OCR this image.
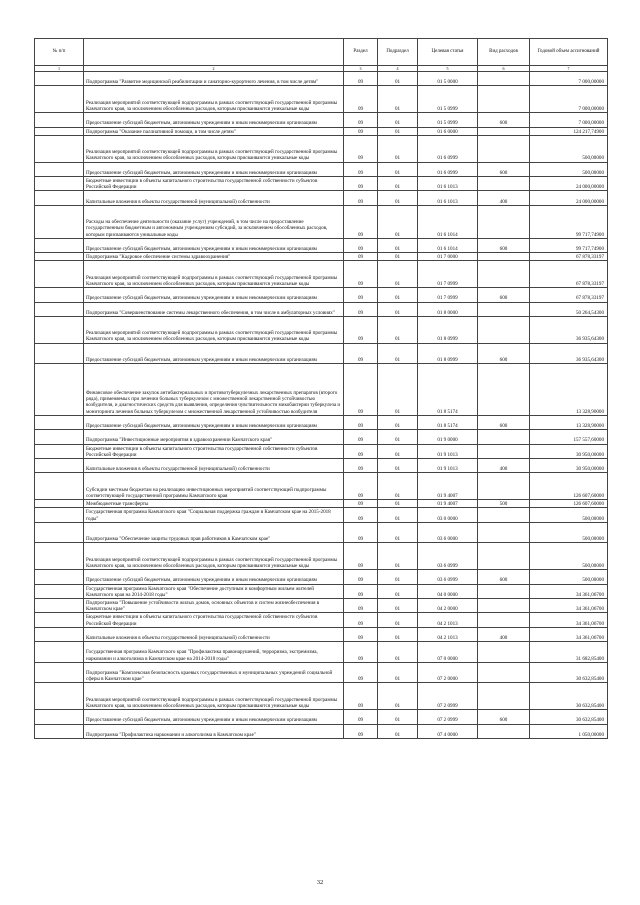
№ п/п		Раздел	Подраздел	Целевая статья	Вид расходов	Годовой объем ассигнований
1	2	3	4	5	6	7
	Подпрограмма "Развитие медицинской реабилитации и санаторно-курортного лечения, в том числе детям"	09	01	01 5 0000		7 000,00000
	Реализация мероприятий соответствующей подпрограммы в рамках соответствующей государственной программы Камчатского края, за исключением обособленных расходов, которым присваиваются уникальные коды	09	01	01 5 0999		7 000,00000
	Предоставление субсидий бюджетным, автономным учреждениям и иным некоммерческим организациям	09	01	01 5 0999	600	7 000,00000
	Подпрограмма "Оказание паллиативной помощи, в том числе детям"	09	01	01 6 0000		124 217,74900
	Реализация мероприятий соответствующей подпрограммы в рамках соответствующей государственной программы Камчатского края, за исключением обособленных расходов, которым присваиваются уникальные коды	09	01	01 6 0999		500,00000
	Предоставление субсидий бюджетным, автономным учреждениям и иным некоммерческим организациям	09	01	01 6 0999	600	500,00000
	Бюджетные инвестиции в объекты капитального строительства государственной собственности субъектов Российской Федерации	09	01	01 6 1013		24 000,00000
	Капитальные вложения в объекты государственной (муниципальной) собственности	09	01	01 6 1013	400	24 000,00000
	Расходы на обеспечение деятельности (оказание услуг) учреждений, в том числе на предоставление государственным бюджетным и автономным учреждениям субсидий, за исключением обособленных расходов, которым присваиваются уникальные коды	09	01	01 6 1014		99 717,74900
	Предоставление субсидий бюджетным, автономным учреждениям и иным некоммерческим организациям	09	01	01 6 1014	600	99 717,74900
	Подпрограмма "Кадровое обеспечение системы здравоохранения"	09	01	01 7 0000		67 878,33197
	Реализация мероприятий соответствующей подпрограммы в рамках соответствующей государственной программы Камчатского края, за исключением обособленных расходов, которым присваиваются уникальные коды	09	01	01 7 0999		67 878,33197
	Предоставление субсидий бюджетным, автономным учреждениям и иным некоммерческим организациям	09	01	01 7 0999	600	67 878,33197
	Подпрограмма "Совершенствование системы лекарственного обеспечения, в том числе в амбулаторных условиях"	09	01	01 8 0000		50 264,54300
	Реализация мероприятий соответствующей подпрограммы в рамках соответствующей государственной программы Камчатского края, за исключением обособленных расходов, которым присваиваются уникальные коды	09	01	01 8 0999		36 935,64300
	Предоставление субсидий бюджетным, автономным учреждениям и иным некоммерческим организациям	09	01	01 8 0999	600	36 935,64300
	Финансовое обеспечение закупок антибактериальных и противотуберкулезных лекарственных препаратов (второго ряда), применяемых при лечении больных туберкулезом с множественной лекарственной устойчивостью возбудителя, и диагностических средств для выявления, определения чувствительности микобактерии туберкулеза и мониторинга лечения больных туберкулезом с множественной лекарственной устойчивостью возбудителя	09	01	01 8 5174		13 328,90000
	Предоставление субсидий бюджетным, автономным учреждениям и иным некоммерческим организациям	09	01	01 8 5174	600	13 328,90000
	Подпрограмма "Инвестиционные мероприятия в здравоохранении Камчатского края"	09	01	01 9 0000		157 557,60000
	Бюджетные инвестиции в объекты капитального строительства государственной собственности субъектов Российской Федерации	09	01	01 9 1013		30 950,00000
	Капитальные вложения в объекты государственной (муниципальной) собственности	09	01	01 9 1013	400	30 950,00000
	Субсидии местным бюджетам на реализацию инвестиционных мероприятий соответствующей подпрограммы соответствующей государственной программы Камчатского края	09	01	01 9 4007		126 607,60000
	Межбюджетные трансферты	09	01	01 9 4007	500	126 607,60000
	Государственная программа Камчатского края "Социальная поддержка граждан в Камчатском крае на 2015-2018 годы"	09	01	03 0 0000		500,00000
	Подпрограмма "Обеспечение защиты трудовых прав работников в Камчатском крае"	09	01	03 6 0000		500,00000
	Реализация мероприятий соответствующей подпрограммы в рамках соответствующей государственной программы Камчатского края, за исключением обособленных расходов, которым присваиваются уникальные коды	09	01	03 6 0999		500,00000
	Предоставление субсидий бюджетным, автономным учреждениям и иным некоммерческим организациям	09	01	03 6 0999	600	500,00000
	Государственная программа Камчатского края "Обеспечение доступным и комфортным жильем жителей Камчатского края на 2014-2018 годы"	09	01	04 0 0000		34 361,06700
	Подпрограмма "Повышение устойчивости жилых домов, основных объектов и систем жизнеобеспечения в Камчатском крае"	09	01	04 2 0000		34 361,06700
	Бюджетные инвестиции в объекты капитального строительства государственной собственности субъектов Российской Федерации	09	01	04 2 1013		34 361,06700
	Капитальные вложения в объекты государственной (муниципальной) собственности	09	01	04 2 1013	400	34 361,06700
	Государственная программа Камчатского края "Профилактика правонарушений, терроризма, экстремизма, наркомании и алкоголизма в Камчатском крае на 2014-2018 годы"	09	01	07 0 0000		31 682,85400
	Подпрограмма "Комплексная безопасность краевых государственных и муниципальных учреждений социальной сферы в Камчатском крае"	09	01	07 2 0000		30 632,85400
	Реализация мероприятий соответствующей подпрограммы в рамках соответствующей государственной программы Камчатского края, за исключением обособленных расходов, которым присваиваются уникальные коды	09	01	07 2 0999		30 632,85400
	Предоставление субсидий бюджетным, автономным учреждениям и иным некоммерческим организациям	09	01	07 2 0999	600	30 632,85400
	Подпрограмма "Профилактика наркомании и алкоголизма в Камчатском крае"	09	01	07 4 0000		1 050,00000
32
